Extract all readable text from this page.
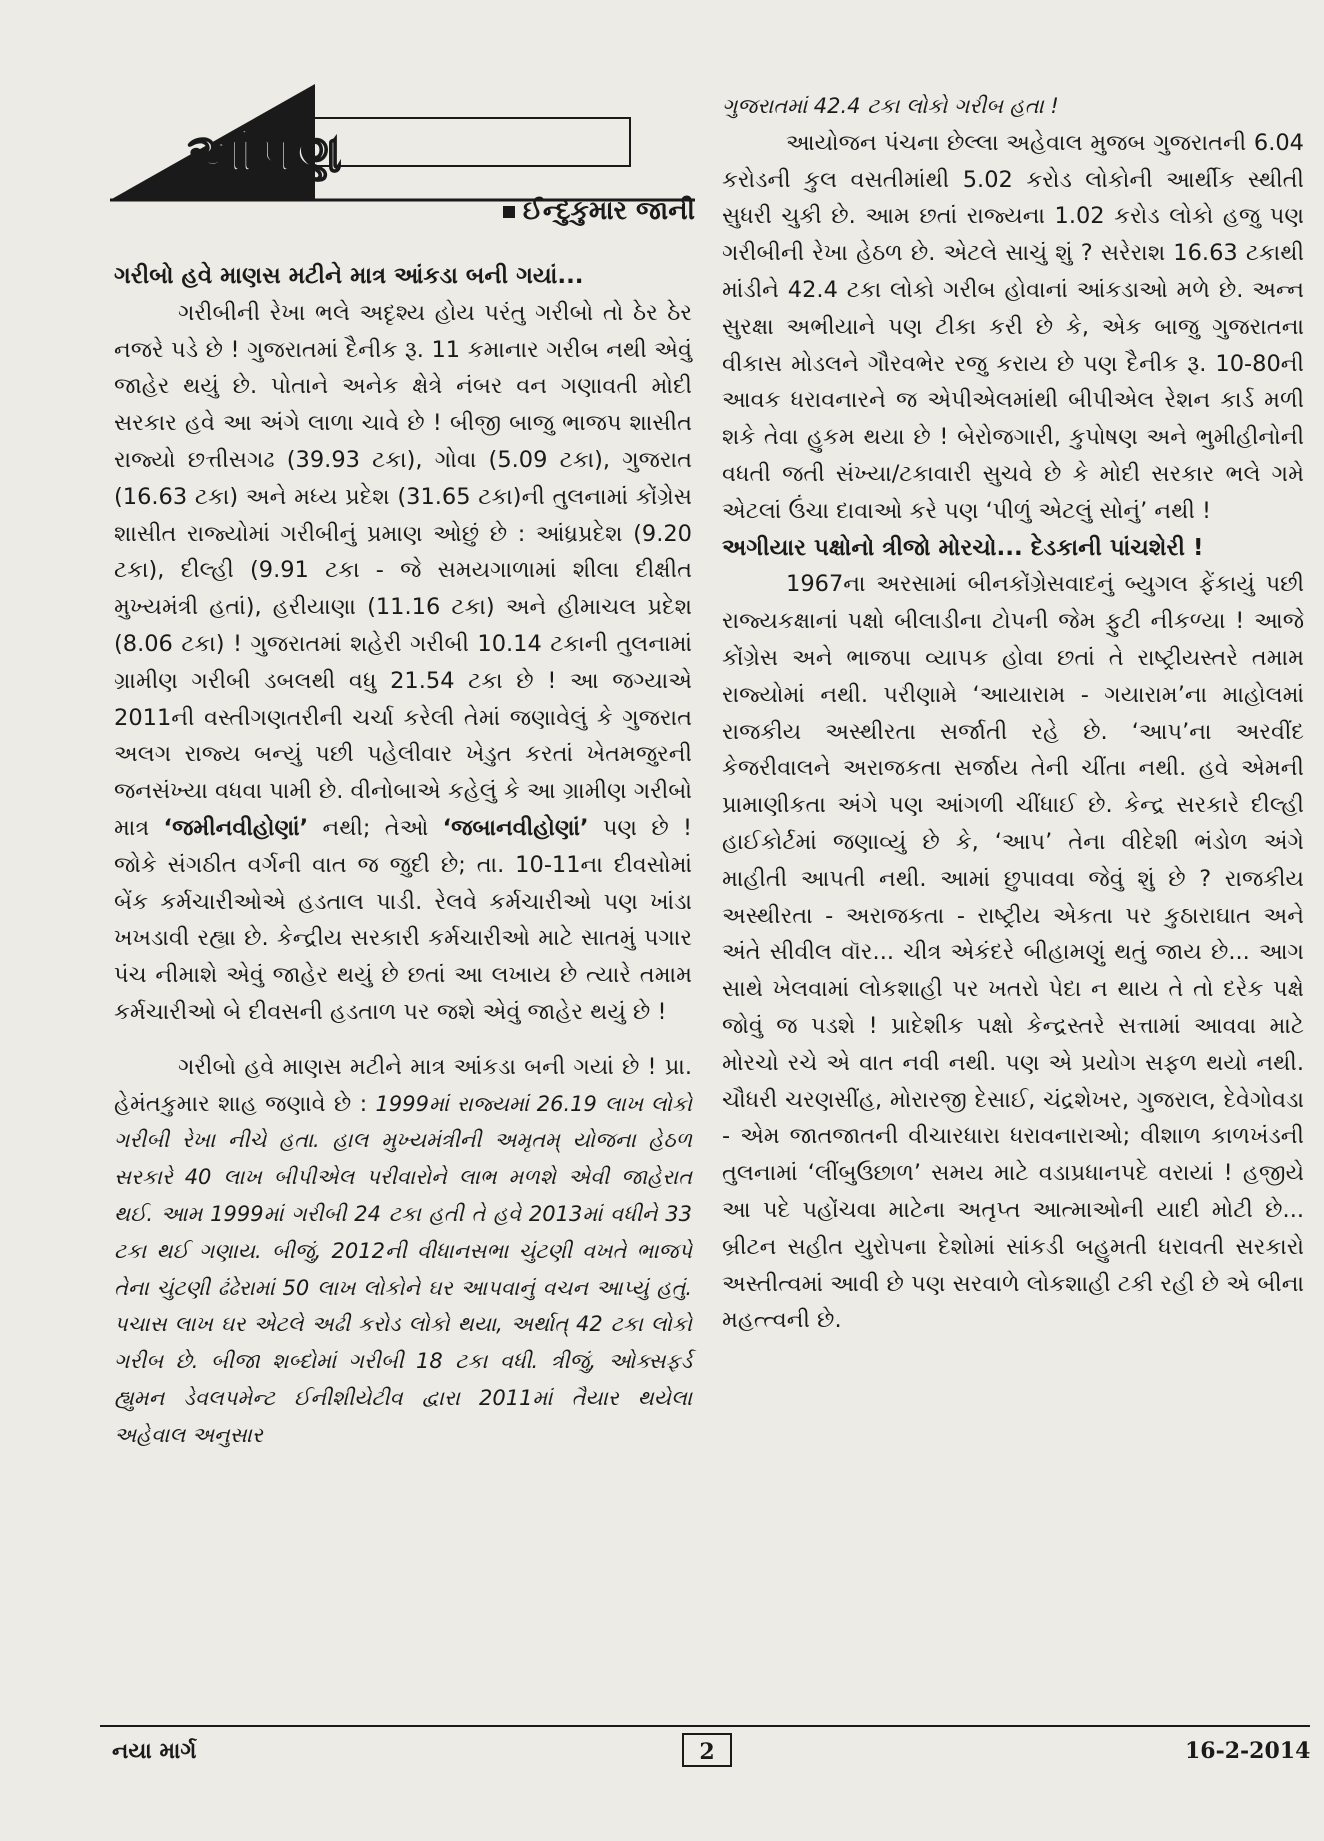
આંપ્રણ
ઈન્દુકુમાર જાની

ગરીબો હવે માણસ મટીને માત્ર આંકડા બની ગયાં...

ગરીબીની રેખા ભલે અદૃશ્ય હોય પરંતુ ગરીબો તો ઠેર ઠેર નજરે પડે છે ! ગુજરાતમાં દૈનીક રૂ. 11 કમાનાર ગરીબ નથી એવું જાહેર થયું છે. પોતાને અનેક ક્ષેત્રે નંબર વન ગણાવતી મોદી સરકાર હવે આ અંગે લાળા ચાવે છે ! બીજી બાજુ ભાજપ શાસીત રાજ્યો છત્તીસગઢ (39.93 ટકા), ગોવા (5.09 ટકા), ગુજરાત (16.63 ટકા) અને મધ્ય પ્રદેશ (31.65 ટકા)ની તુલનામાં કોંગ્રેસ શાસીત રાજ્યોમાં ગરીબીનું પ્રમાણ ઓછું છે : આંધ્રપ્રદેશ (9.20 ટકા), દીલ્હી (9.91 ટકા - જે સમયગાળામાં શીલા દીક્ષીત મુખ્યમંત્રી હતાં), હરીયાણા (11.16 ટકા) અને હીમાચલ પ્રદેશ (8.06 ટકા) ! ગુજરાતમાં શહેરી ગરીબી 10.14 ટકાની તુલનામાં ગ્રામીણ ગરીબી ડબલથી વધુ 21.54 ટકા છે ! આ જગ્યાએ 2011ની વસ્તીગણતરીની ચર્ચા કરેલી તેમાં જણાવેલું કે ગુજરાત અલગ રાજ્ય બન્યું પછી પહેલીવાર ખેડુત કરતાં ખેતમજુરની જનસંખ્યા વધવા પામી છે. વીનોબાએ કહેલું કે આ ગ્રામીણ ગરીબો માત્ર ‘જમીનવીહોણાં’ નથી; તેઓ ‘જબાનવીહોણાં’ પણ છે ! જોકે સંગઠીત વર્ગની વાત જ જુદી છે; તા. 10-11ના દીવસોમાં બેંક કર્મચારીઓએ હડતાલ પાડી. રેલવે કર્મચારીઓ પણ ખાંડા ખખડાવી રહ્યા છે. કેન્દ્રીય સરકારી કર્મચારીઓ માટે સાતમું પગાર પંચ નીમાશે એવું જાહેર થયું છે છતાં આ લખાય છે ત્યારે તમામ કર્મચારીઓ બે દીવસની હડતાળ પર જશે એવું જાહેર થયું છે !

ગરીબો હવે માણસ મટીને માત્ર આંકડા બની ગયાં છે ! પ્રા. હેમંતકુમાર શાહ જણાવે છે : 1999માં રાજ્યમાં 26.19 લાખ લોકો ગરીબી રેખા નીચે હતા. હાલ મુખ્યમંત્રીની અમૃતમ્ યોજના હેઠળ સરકારે 40 લાખ બીપીએલ પરીવારોને લાભ મળશે એવી જાહેરાત થઈ. આમ 1999માં ગરીબી 24 ટકા હતી તે હવે 2013માં વધીને 33 ટકા થઈ ગણાય. બીજું, 2012ની વીધાનસભા ચુંટણી વખતે ભાજપે તેના ચુંટણી ઢંઢેરામાં 50 લાખ લોકોને ઘર આપવાનું વચન આપ્યું હતું. પચાસ લાખ ઘર એટલે અઢી કરોડ લોકો થયા, અર્થાત્ 42 ટકા લોકો ગરીબ છે. બીજા શબ્દોમાં ગરીબી 18 ટકા વધી. ત્રીજું, ઓક્સફર્ડ હ્યુમન ડેવલપમેન્ટ ઈનીશીયેટીવ દ્વારા 2011માં તૈયાર થયેલા અહેવાલ અનુસાર

ગુજરાતમાં 42.4 ટકા લોકો ગરીબ હતા !

આયોજન પંચના છેલ્લા અહેવાલ મુજબ ગુજરાતની 6.04 કરોડની કુલ વસતીમાંથી 5.02 કરોડ લોકોની આર્થીક સ્થીતી સુધરી ચુકી છે. આમ છતાં રાજ્યના 1.02 કરોડ લોકો હજુ પણ ગરીબીની રેખા હેઠળ છે. એટલે સાચું શું ? સરેરાશ 16.63 ટકાથી માંડીને 42.4 ટકા લોકો ગરીબ હોવાનાં આંકડાઓ મળે છે. અન્ન સુરક્ષા અભીયાને પણ ટીકા કરી છે કે, એક બાજુ ગુજરાતના વીકાસ મોડલને ગૌરવભેર રજુ કરાય છે પણ દૈનીક રૂ. 10-80ની આવક ધરાવનારને જ એપીએલમાંથી બીપીએલ રેશન કાર્ડ મળી શકે તેવા હુકમ થયા છે ! બેરોજગારી, કુપોષણ અને ભુમીહીનોની વધતી જતી સંખ્યા/ટકાવારી સુચવે છે કે મોદી સરકાર ભલે ગમે એટલાં ઉંચા દાવાઓ કરે પણ ‘પીળું એટલું સોનું’ નથી !

અગીયાર પક્ષોનો ત્રીજો મોરચો... દેડકાની પાંચશેરી !

1967ના અરસામાં બીનકોંગ્રેસવાદનું બ્યુગલ ફેંકાયું પછી રાજ્યકક્ષાનાં પક્ષો બીલાડીના ટોપની જેમ ફુટી નીકળ્યા ! આજે કોંગ્રેસ અને ભાજપા વ્યાપક હોવા છતાં તે રાષ્ટ્રીયસ્તરે તમામ રાજ્યોમાં નથી. પરીણામે ‘આયારામ - ગયારામ’ના માહોલમાં રાજકીય અસ્થીરતા સર્જાતી રહે છે. ‘આપ’ના અરવીંદ કેજરીવાલને અરાજકતા સર્જાય તેની ચીંતા નથી. હવે એમની પ્રામાણીકતા અંગે પણ આંગળી ચીંધાઈ છે. કેન્દ્ર સરકારે દીલ્હી હાઈકોર્ટમાં જણાવ્યું છે કે, ‘આપ’ તેના વીદેશી ભંડોળ અંગે માહીતી આપતી નથી. આમાં છુપાવવા જેવું શું છે ? રાજકીય અસ્થીરતા - અરાજકતા - રાષ્ટ્રીય એકતા પર કુઠારાઘાત અને અંતે સીવીલ વૉર... ચીત્ર એકંદરે બીહામણું થતું જાય છે... આગ સાથે ખેલવામાં લોકશાહી પર ખતરો પેદા ન થાય તે તો દરેક પક્ષે જોવું જ પડશે ! પ્રાદેશીક પક્ષો કેન્દ્રસ્તરે સત્તામાં આવવા માટે મોરચો રચે એ વાત નવી નથી. પણ એ પ્રયોગ સફળ થયો નથી. ચૌધરી ચરણસીંહ, મોરારજી દેસાઈ, ચંદ્રશેખર, ગુજરાલ, દેવેગોવડા - એમ જાતજાતની વીચારધારા ધરાવનારાઓ; વીશાળ કાળખંડની તુલનામાં ‘લીંબુઉછાળ’ સમય માટે વડાપ્રધાનપદે વરાયાં ! હજીયે આ પદે પહોંચવા માટેના અતૃપ્ત આત્માઓની યાદી મોટી છે... બ્રીટન સહીત યુરોપના દેશોમાં સાંકડી બહુમતી ધરાવતી સરકારો અસ્તીત્વમાં આવી છે પણ સરવાળે લોકશાહી ટકી રહી છે એ બીના મહત્ત્વની છે.

નયા માર્ગ	2	16-2-2014
